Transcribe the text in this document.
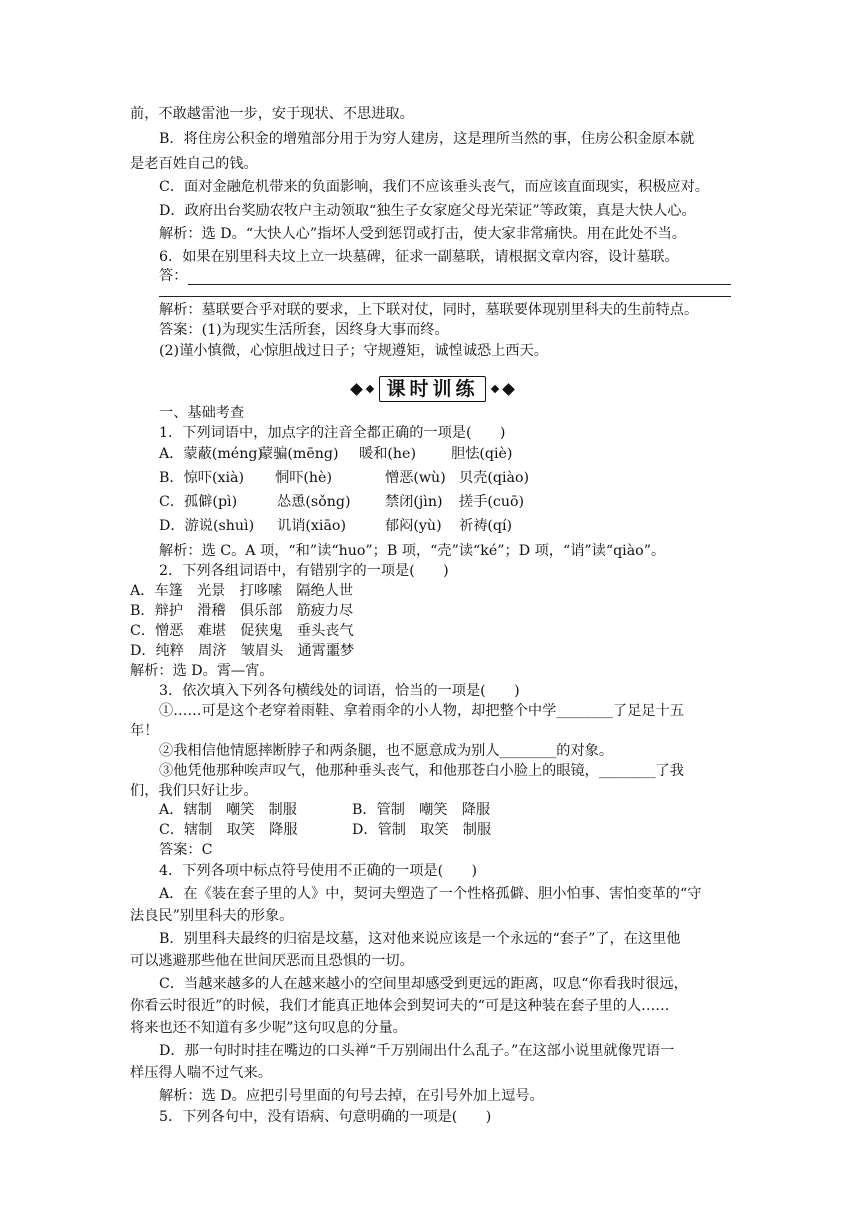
前，不敢越雷池一步，安于现状、不思进取。
B．将住房公积金的增殖部分用于为穷人建房，这是理所当然的事，住房公积金原本就
是老百姓自己的钱。
C．面对金融危机带来的负面影响，我们不应该垂头丧气，而应该直面现实，积极应对。
D．政府出台奖励农牧户主动领取“独生子女家庭父母光荣证”等政策，真是大快人心。
解析：选 D。“大快人心”指坏人受到惩罚或打击，使大家非常痛快。用在此处不当。
6．如果在别里科夫坟上立一块墓碑，征求一副墓联，请根据文章内容，设计墓联。
答：
解析：墓联要合乎对联的要求，上下联对仗，同时，墓联要体现别里科夫的生前特点。
答案：(1)为现实生活所套，因终身大事而终。
(2)谨小慎微，心惊胆战过日子；守规遵矩，诚惶诚恐上西天。
课时训练
一、基础考查
1．下列词语中，加点字的注音全都正确的一项是(　　)
A．蒙蔽(méng)蒙骗(mēng) 暖和(he) 胆怯(qiè)
B．惊吓(xià) 恫吓(hè)	憎恶(wù) 贝壳(qiào)
C．孤僻(pì)	怂恿(sǒng) 禁闭(jìn) 搓手(cuō)
D．游说(shuì) 讥诮(xiāo)	郁闷(yù) 祈祷(qí)
解析：选 C。A 项，“和”读“huo”；B 项，“壳”读“ké”；D 项，“诮”读“qiào”。
2．下列各组词语中，有错别字的一项是(　　)
A．车篷　光景　打哆嗦　隔绝人世
B．辩护　滑稽　俱乐部　筋疲力尽
C．憎恶　难堪　促狭鬼　垂头丧气
D．纯粹　周济　皱眉头　通霄噩梦
解析：选 D。霄—宵。
3．依次填入下列各句横线处的词语，恰当的一项是(　　)
①……可是这个老穿着雨鞋、拿着雨伞的小人物，却把整个中学________了足足十五
年！
②我相信他情愿摔断脖子和两条腿，也不愿意成为别人________的对象。
③他凭他那种唉声叹气，他那种垂头丧气，和他那苍白小脸上的眼镜，________了我
们，我们只好让步。
A．辖制　嘲笑　制服	B．管制　嘲笑　降服
C．辖制　取笑　降服	D．管制　取笑　制服
答案：C
4．下列各项中标点符号使用不正确的一项是(　　)
A．在《装在套子里的人》中，契诃夫塑造了一个性格孤僻、胆小怕事、害怕变革的“守
法良民”别里科夫的形象。
B．别里科夫最终的归宿是坟墓，这对他来说应该是一个永远的“套子”了，在这里他
可以逃避那些他在世间厌恶而且恐惧的一切。
C．当越来越多的人在越来越小的空间里却感受到更远的距离，叹息“你看我时很远，
你看云时很近”的时候，我们才能真正地体会到契诃夫的“可是这种装在套子里的人……
将来也还不知道有多少呢”这句叹息的分量。
D．那一句时时挂在嘴边的口头禅“千万别闹出什么乱子。”在这部小说里就像咒语一
样压得人喘不过气来。
解析：选 D。应把引号里面的句号去掉，在引号外加上逗号。
5．下列各句中，没有语病、句意明确的一项是(　　)
